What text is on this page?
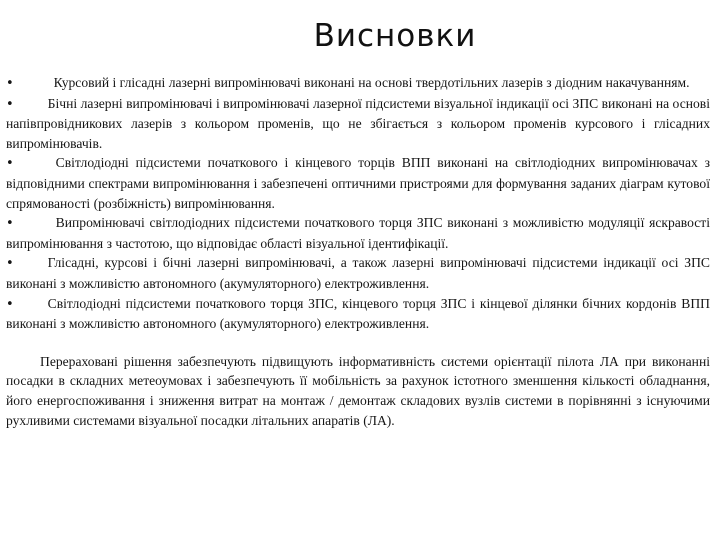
Висновки

•	Курсовий і глісадні лазерні випромінювачі виконані на основі твердотільних лазерів з діодним накачуванням.

•	Бічні лазерні випромінювачі і випромінювачі лазерної підсистеми візуальної індикації осі ЗПС виконані на основі напівпровідникових лазерів з кольором променів, що не збігається з кольором променів курсового і глісадних випромінювачів.

•	Світлодіодні підсистеми початкового і кінцевого торців ВПП виконані на світлодіодних випромінювачах з відповідними спектрами випромінювання і забезпечені оптичними пристроями для формування заданих діаграм кутової спрямованості (розбіжність) випромінювання.

•	Випромінювачі світлодіодних підсистеми початкового торця ЗПС виконані з можливістю модуляції яскравості випромінювання з частотою, що відповідає області візуальної ідентифікації.

•	Глісадні, курсові і бічні лазерні випромінювачі, а також лазерні випромінювачі підсистеми індикації осі ЗПС виконані з можливістю автономного (акумуляторного) електроживлення.

•	Світлодіодні підсистеми початкового торця ЗПС, кінцевого торця ЗПС і кінцевої ділянки бічних кордонів ВПП виконані з можливістю автономного (акумуляторного) електроживлення.

Перераховані рішення забезпечують підвищують інформативність системи орієнтації пілота ЛА при виконанні посадки в складних метеоумовах і забезпечують її мобільність за рахунок істотного зменшення кількості обладнання, його енергоспоживання і зниження витрат на монтаж / демонтаж складових вузлів системи в порівнянні з існуючими рухливими системами візуальної посадки літальних апаратів (ЛА).
